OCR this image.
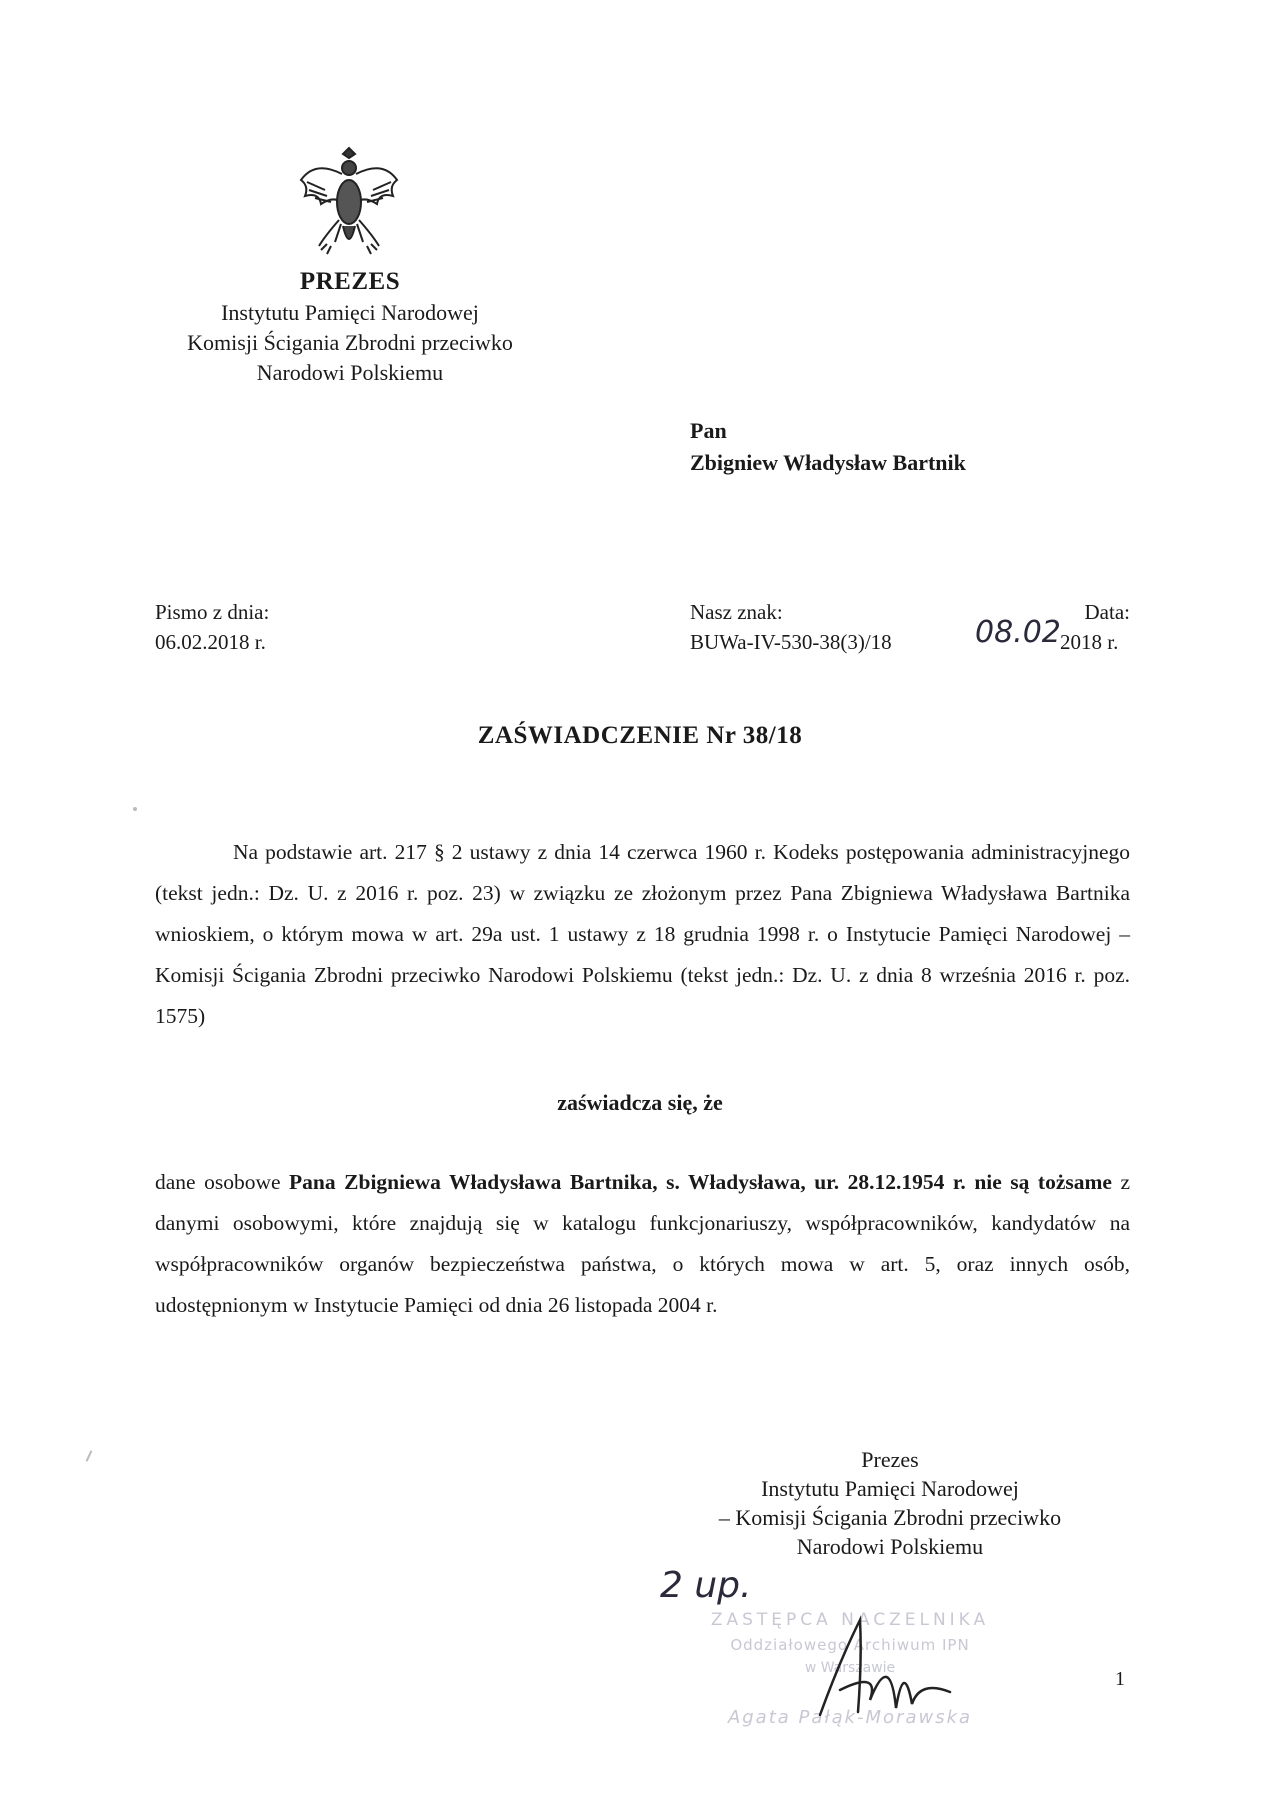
PREZES
Instytutu Pamięci Narodowej
Komisji Ścigania Zbrodni przeciwko
Narodowi Polskiemu
Pan
Zbigniew Władysław Bartnik
Pismo z dnia:
06.02.2018 r.
Nasz znak:
BUWa-IV-530-38(3)/18
Data:
08.02 2018 r.
ZAŚWIADCZENIE Nr 38/18
Na podstawie art. 217 § 2 ustawy z dnia 14 czerwca 1960 r. Kodeks postępowania administracyjnego (tekst jedn.: Dz. U. z 2016 r. poz. 23) w związku ze złożonym przez Pana Zbigniewa Władysława Bartnika wnioskiem, o którym mowa w art. 29a ust. 1 ustawy z 18 grudnia 1998 r. o Instytucie Pamięci Narodowej – Komisji Ścigania Zbrodni przeciwko Narodowi Polskiemu (tekst jedn.: Dz. U. z dnia 8 września 2016 r. poz. 1575)
zaświadcza się, że
dane osobowe Pana Zbigniewa Władysława Bartnika, s. Władysława, ur. 28.12.1954 r. nie są tożsame z danymi osobowymi, które znajdują się w katalogu funkcjonariuszy, współpracowników, kandydatów na współpracowników organów bezpieczeństwa państwa, o których mowa w art. 5, oraz innych osób, udostępnionym w Instytucie Pamięci od dnia 26 listopada 2004 r.
Prezes
Instytutu Pamięci Narodowej
– Komisji Ścigania Zbrodni przeciwko
Narodowi Polskiemu
2 up.
ZASTĘPCA NACZELNIKA
Oddziałowego Archiwum IPN
w Warszawie
Agata Pałąk-Morawska
1
